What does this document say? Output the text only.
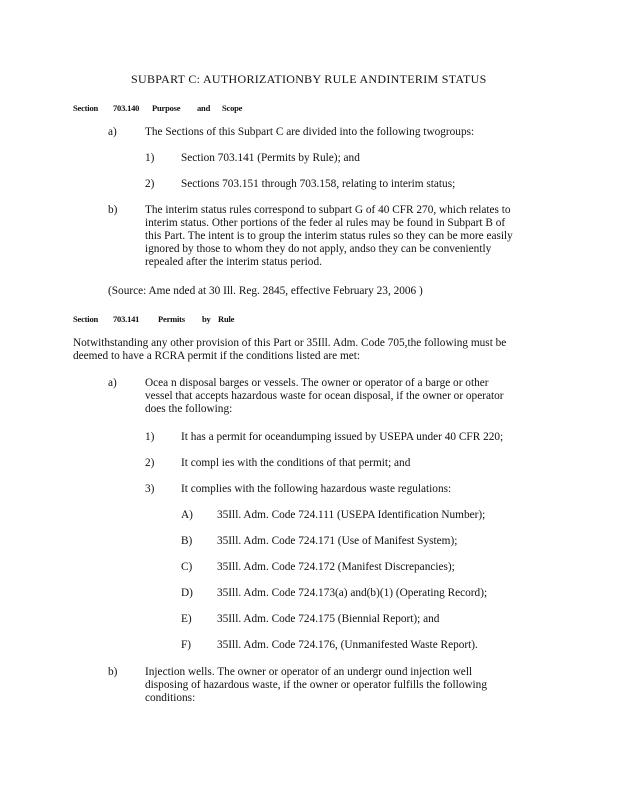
SUBPART C: AUTHORIZATIONBY RULE ANDINTERIM STATUS
Section 703.140 Purpose and Scope
a) The Sections of this Subpart C are divided into the following twogroups:
1) Section 703.141 (Permits by Rule); and
2) Sections 703.151 through 703.158, relating to interim status;
b) The interim status rules correspond to subpart G of 40 CFR 270, which relates to
interim status. Other portions of the feder al rules may be found in Subpart B of
this Part. The intent is to group the interim status rules so they can be more easily
ignored by those to whom they do not apply, andso they can be conveniently
repealed after the interim status period.
(Source: Ame nded at 30 Ill. Reg. 2845, effective February 23, 2006 )
Section 703.141 Permits by Rule
Notwithstanding any other provision of this Part or 35Ill. Adm. Code 705,the following must be
deemed to have a RCRA permit if the conditions listed are met:
a) Ocea n disposal barges or vessels. The owner or operator of a barge or other
vessel that accepts hazardous waste for ocean disposal, if the owner or operator
does the following:
1) It has a permit for oceandumping issued by USEPA under 40 CFR 220;
2) It compl ies with the conditions of that permit; and
3) It complies with the following hazardous waste regulations:
A) 35Ill. Adm. Code 724.111 (USEPA Identification Number);
B) 35Ill. Adm. Code 724.171 (Use of Manifest System);
C) 35Ill. Adm. Code 724.172 (Manifest Discrepancies);
D) 35Ill. Adm. Code 724.173(a) and(b)(1) (Operating Record);
E) 35Ill. Adm. Code 724.175 (Biennial Report); and
F) 35Ill. Adm. Code 724.176, (Unmanifested Waste Report).
b) Injection wells. The owner or operator of an undergr ound injection well
disposing of hazardous waste, if the owner or operator fulfills the following
conditions:
